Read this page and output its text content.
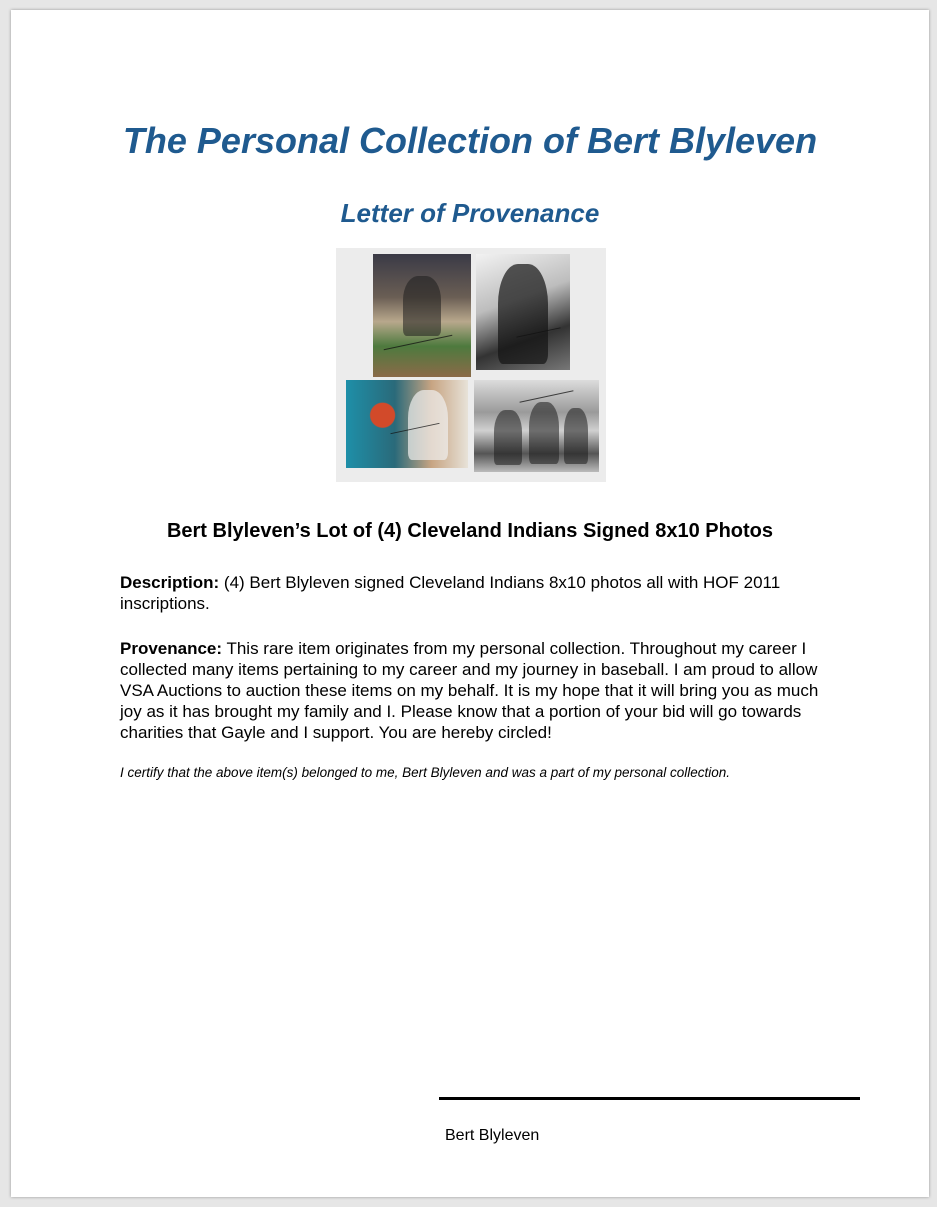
The Personal Collection of Bert Blyleven
Letter of Provenance
Bert Blyleven’s Lot of (4) Cleveland Indians Signed 8x10 Photos

Description: (4) Bert Blyleven signed Cleveland Indians 8x10 photos all with HOF 2011 inscriptions.

Provenance: This rare item originates from my personal collection. Throughout my career I collected many items pertaining to my career and my journey in baseball. I am proud to allow VSA Auctions to auction these items on my behalf. It is my hope that it will bring you as much joy as it has brought my family and I. Please know that a portion of your bid will go towards charities that Gayle and I support. You are hereby circled!

I certify that the above item(s) belonged to me, Bert Blyleven and was a part of my personal collection.

Bert Blyleven
